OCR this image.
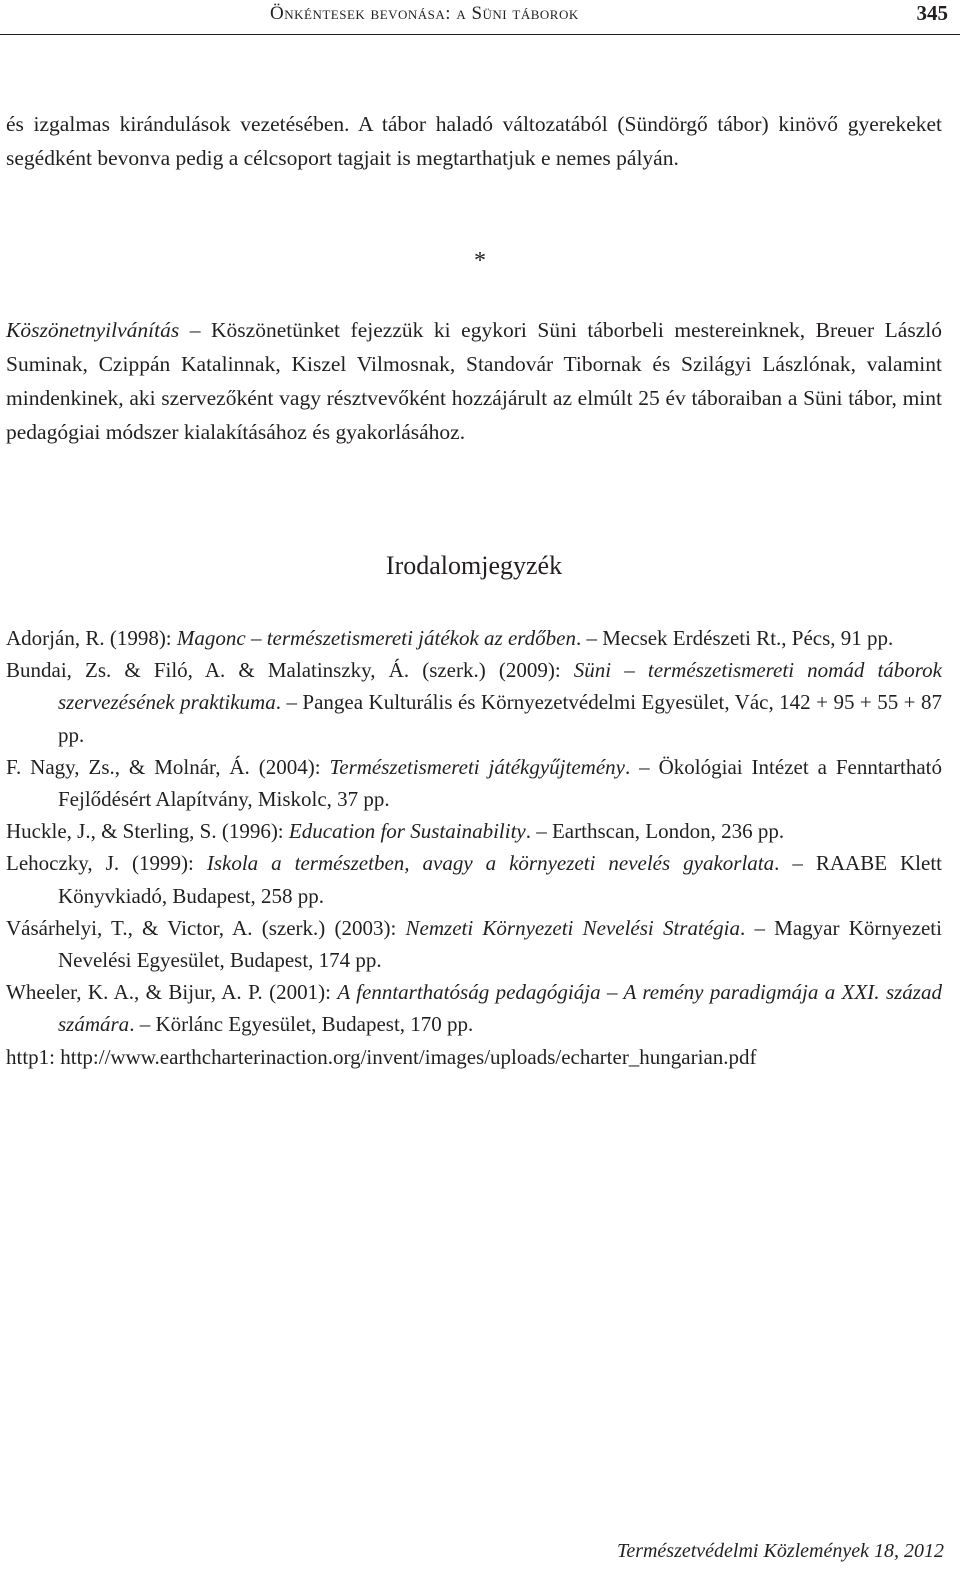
Önkéntesek bevonása: a Süni táborok	345

és izgalmas kirándulások vezetésében. A tábor haladó változatából (Sündörgő tábor) kinövő gyerekeket segédként bevonva pedig a célcsoport tagjait is megtarthatjuk e nemes pályán.

*

Köszönetnyilvánítás – Köszönetünket fejezzük ki egykori Süni táborbeli mestereinknek, Breuer László Suminak, Czippán Katalinnak, Kiszel Vilmosnak, Standovár Tibornak és Szilágyi Lászlónak, valamint mindenkinek, aki szervezőként vagy résztvevőként hozzájárult az elmúlt 25 év táboraiban a Süni tábor, mint pedagógiai módszer kialakításához és gyakorlásához.

Irodalomjegyzék
Adorján, R. (1998): Magonc – természetismereti játékok az erdőben. – Mecsek Erdészeti Rt., Pécs, 91 pp.
Bundai, Zs. & Filó, A. & Malatinszky, Á. (szerk.) (2009): Süni – természetismereti nomád táborok szervezésének praktikuma. – Pangea Kulturális és Környezetvédelmi Egyesület, Vác, 142 + 95 + 55 + 87 pp.
F. Nagy, Zs., & Molnár, Á. (2004): Természetismereti játékgyűjtemény. – Ökológiai Intézet a Fenntartható Fejlődésért Alapítvány, Miskolc, 37 pp.
Huckle, J., & Sterling, S. (1996): Education for Sustainability. – Earthscan, London, 236 pp.
Lehoczky, J. (1999): Iskola a természetben, avagy a környezeti nevelés gyakorlata. – RAABE Klett Könyvkiadó, Budapest, 258 pp.
Vásárhelyi, T., & Victor, A. (szerk.) (2003): Nemzeti Környezeti Nevelési Stratégia. – Magyar Környezeti Nevelési Egyesület, Budapest, 174 pp.
Wheeler, K. A., & Bijur, A. P. (2001): A fenntarthatóság pedagógiája – A remény paradigmája a XXI. század számára. – Körlánc Egyesület, Budapest, 170 pp.
http1: http://www.earthcharterinaction.org/invent/images/uploads/echarter_hungarian.pdf
Természetvédelmi Közlemények 18, 2012
